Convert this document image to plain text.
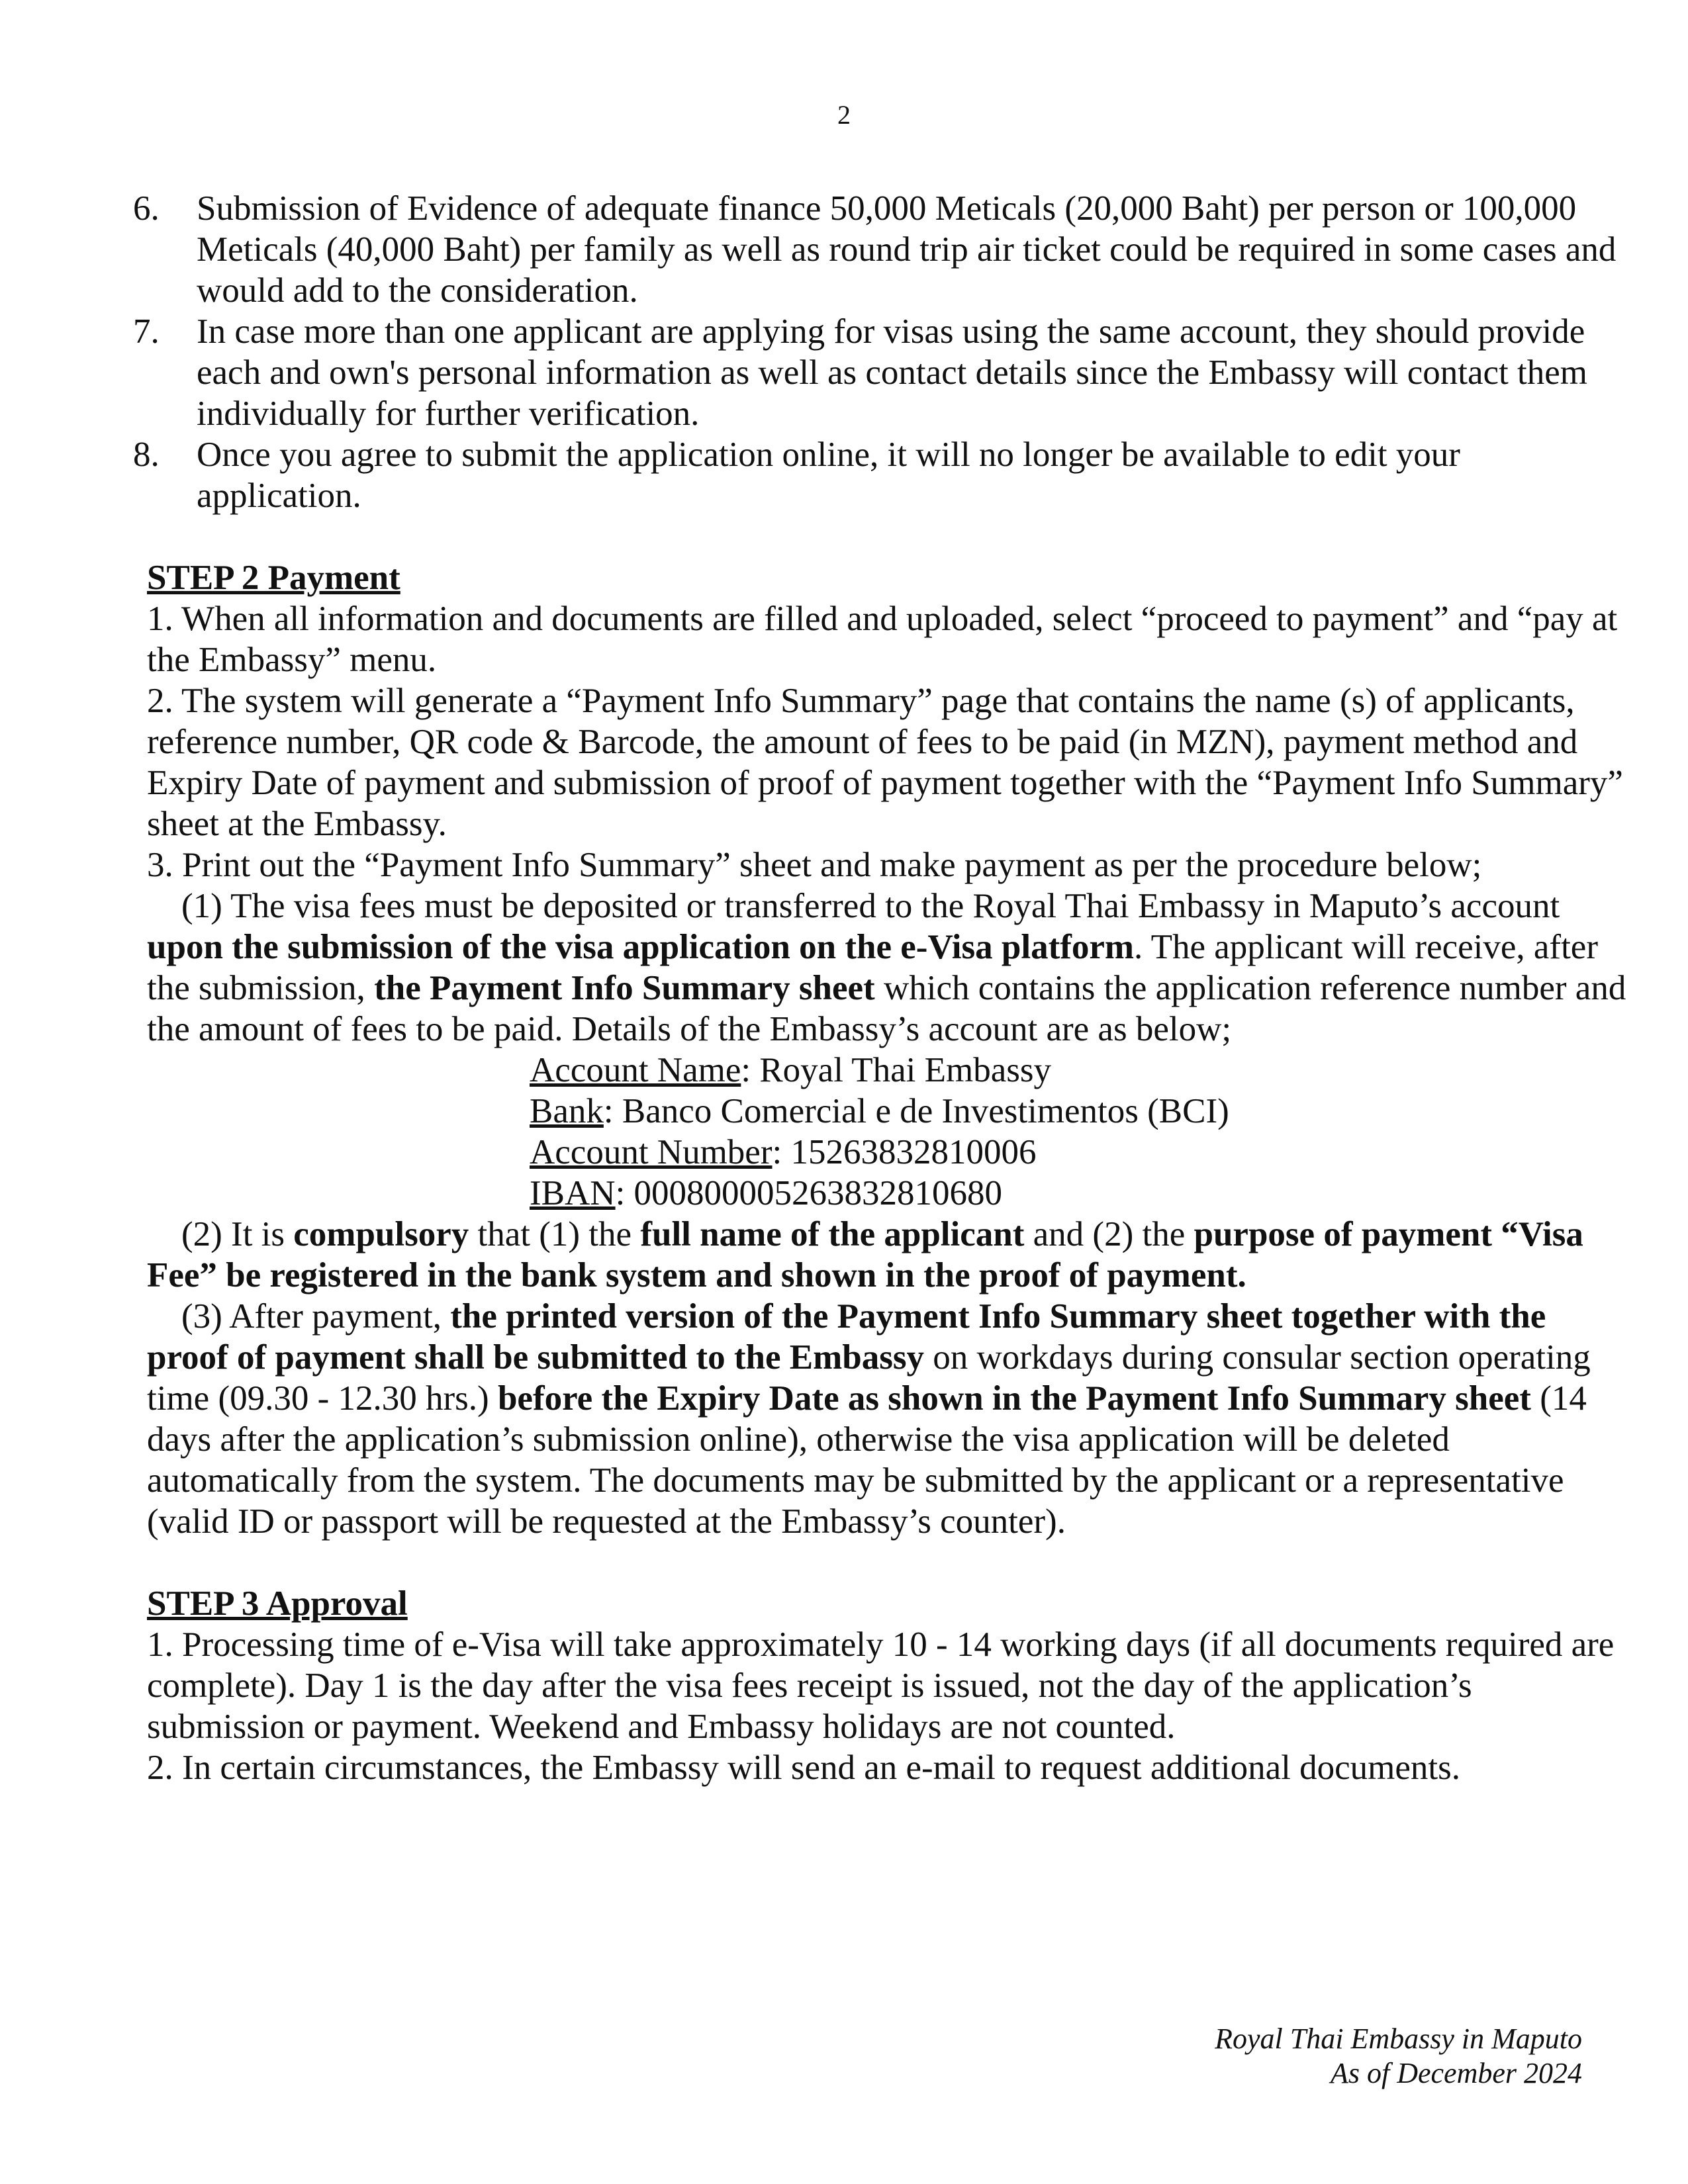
2
6.	Submission of Evidence of adequate finance 50,000 Meticals (20,000 Baht) per person or 100,000 Meticals (40,000 Baht) per family as well as round trip air ticket could be required in some cases and would add to the consideration.
7.	In case more than one applicant are applying for visas using the same account, they should provide each and own's personal information as well as contact details since the Embassy will contact them individually for further verification.
8.	Once you agree to submit the application online, it will no longer be available to edit your application.
STEP 2 Payment
1. When all information and documents are filled and uploaded, select “proceed to payment” and “pay at the Embassy” menu.
2. The system will generate a “Payment Info Summary” page that contains the name (s) of applicants, reference number, QR code & Barcode, the amount of fees to be paid (in MZN), payment method and Expiry Date of payment and submission of proof of payment together with the “Payment Info Summary” sheet at the Embassy.
3. Print out the “Payment Info Summary” sheet and make payment as per the procedure below;
(1) The visa fees must be deposited or transferred to the Royal Thai Embassy in Maputo’s account upon the submission of the visa application on the e-Visa platform. The applicant will receive, after the submission, the Payment Info Summary sheet which contains the application reference number and the amount of fees to be paid. Details of the Embassy’s account are as below;
Account Name: Royal Thai Embassy
Bank: Banco Comercial e de Investimentos (BCI)
Account Number: 15263832810006
IBAN: 000800005263832810680
(2) It is compulsory that (1) the full name of the applicant and (2) the purpose of payment “Visa Fee” be registered in the bank system and shown in the proof of payment.
(3) After payment, the printed version of the Payment Info Summary sheet together with the proof of payment shall be submitted to the Embassy on workdays during consular section operating time (09.30 - 12.30 hrs.) before the Expiry Date as shown in the Payment Info Summary sheet (14 days after the application’s submission online), otherwise the visa application will be deleted automatically from the system. The documents may be submitted by the applicant or a representative (valid ID or passport will be requested at the Embassy’s counter).
STEP 3 Approval
1. Processing time of e-Visa will take approximately 10 - 14 working days (if all documents required are complete). Day 1 is the day after the visa fees receipt is issued, not the day of the application’s submission or payment. Weekend and Embassy holidays are not counted.
2. In certain circumstances, the Embassy will send an e-mail to request additional documents.
Royal Thai Embassy in Maputo
As of December 2024
